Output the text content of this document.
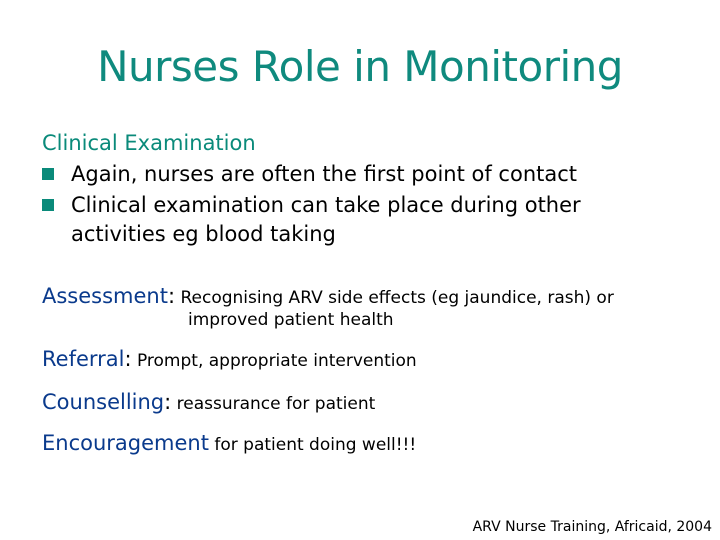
Nurses Role in Monitoring
Clinical Examination
Again, nurses are often the first point of contact
Clinical examination can take place during other activities eg blood taking
Assessment: Recognising ARV side effects (eg jaundice, rash) or
improved patient health
Referral: Prompt, appropriate intervention
Counselling: reassurance for patient
Encouragement for patient doing well!!!
ARV Nurse Training, Africaid, 2004
